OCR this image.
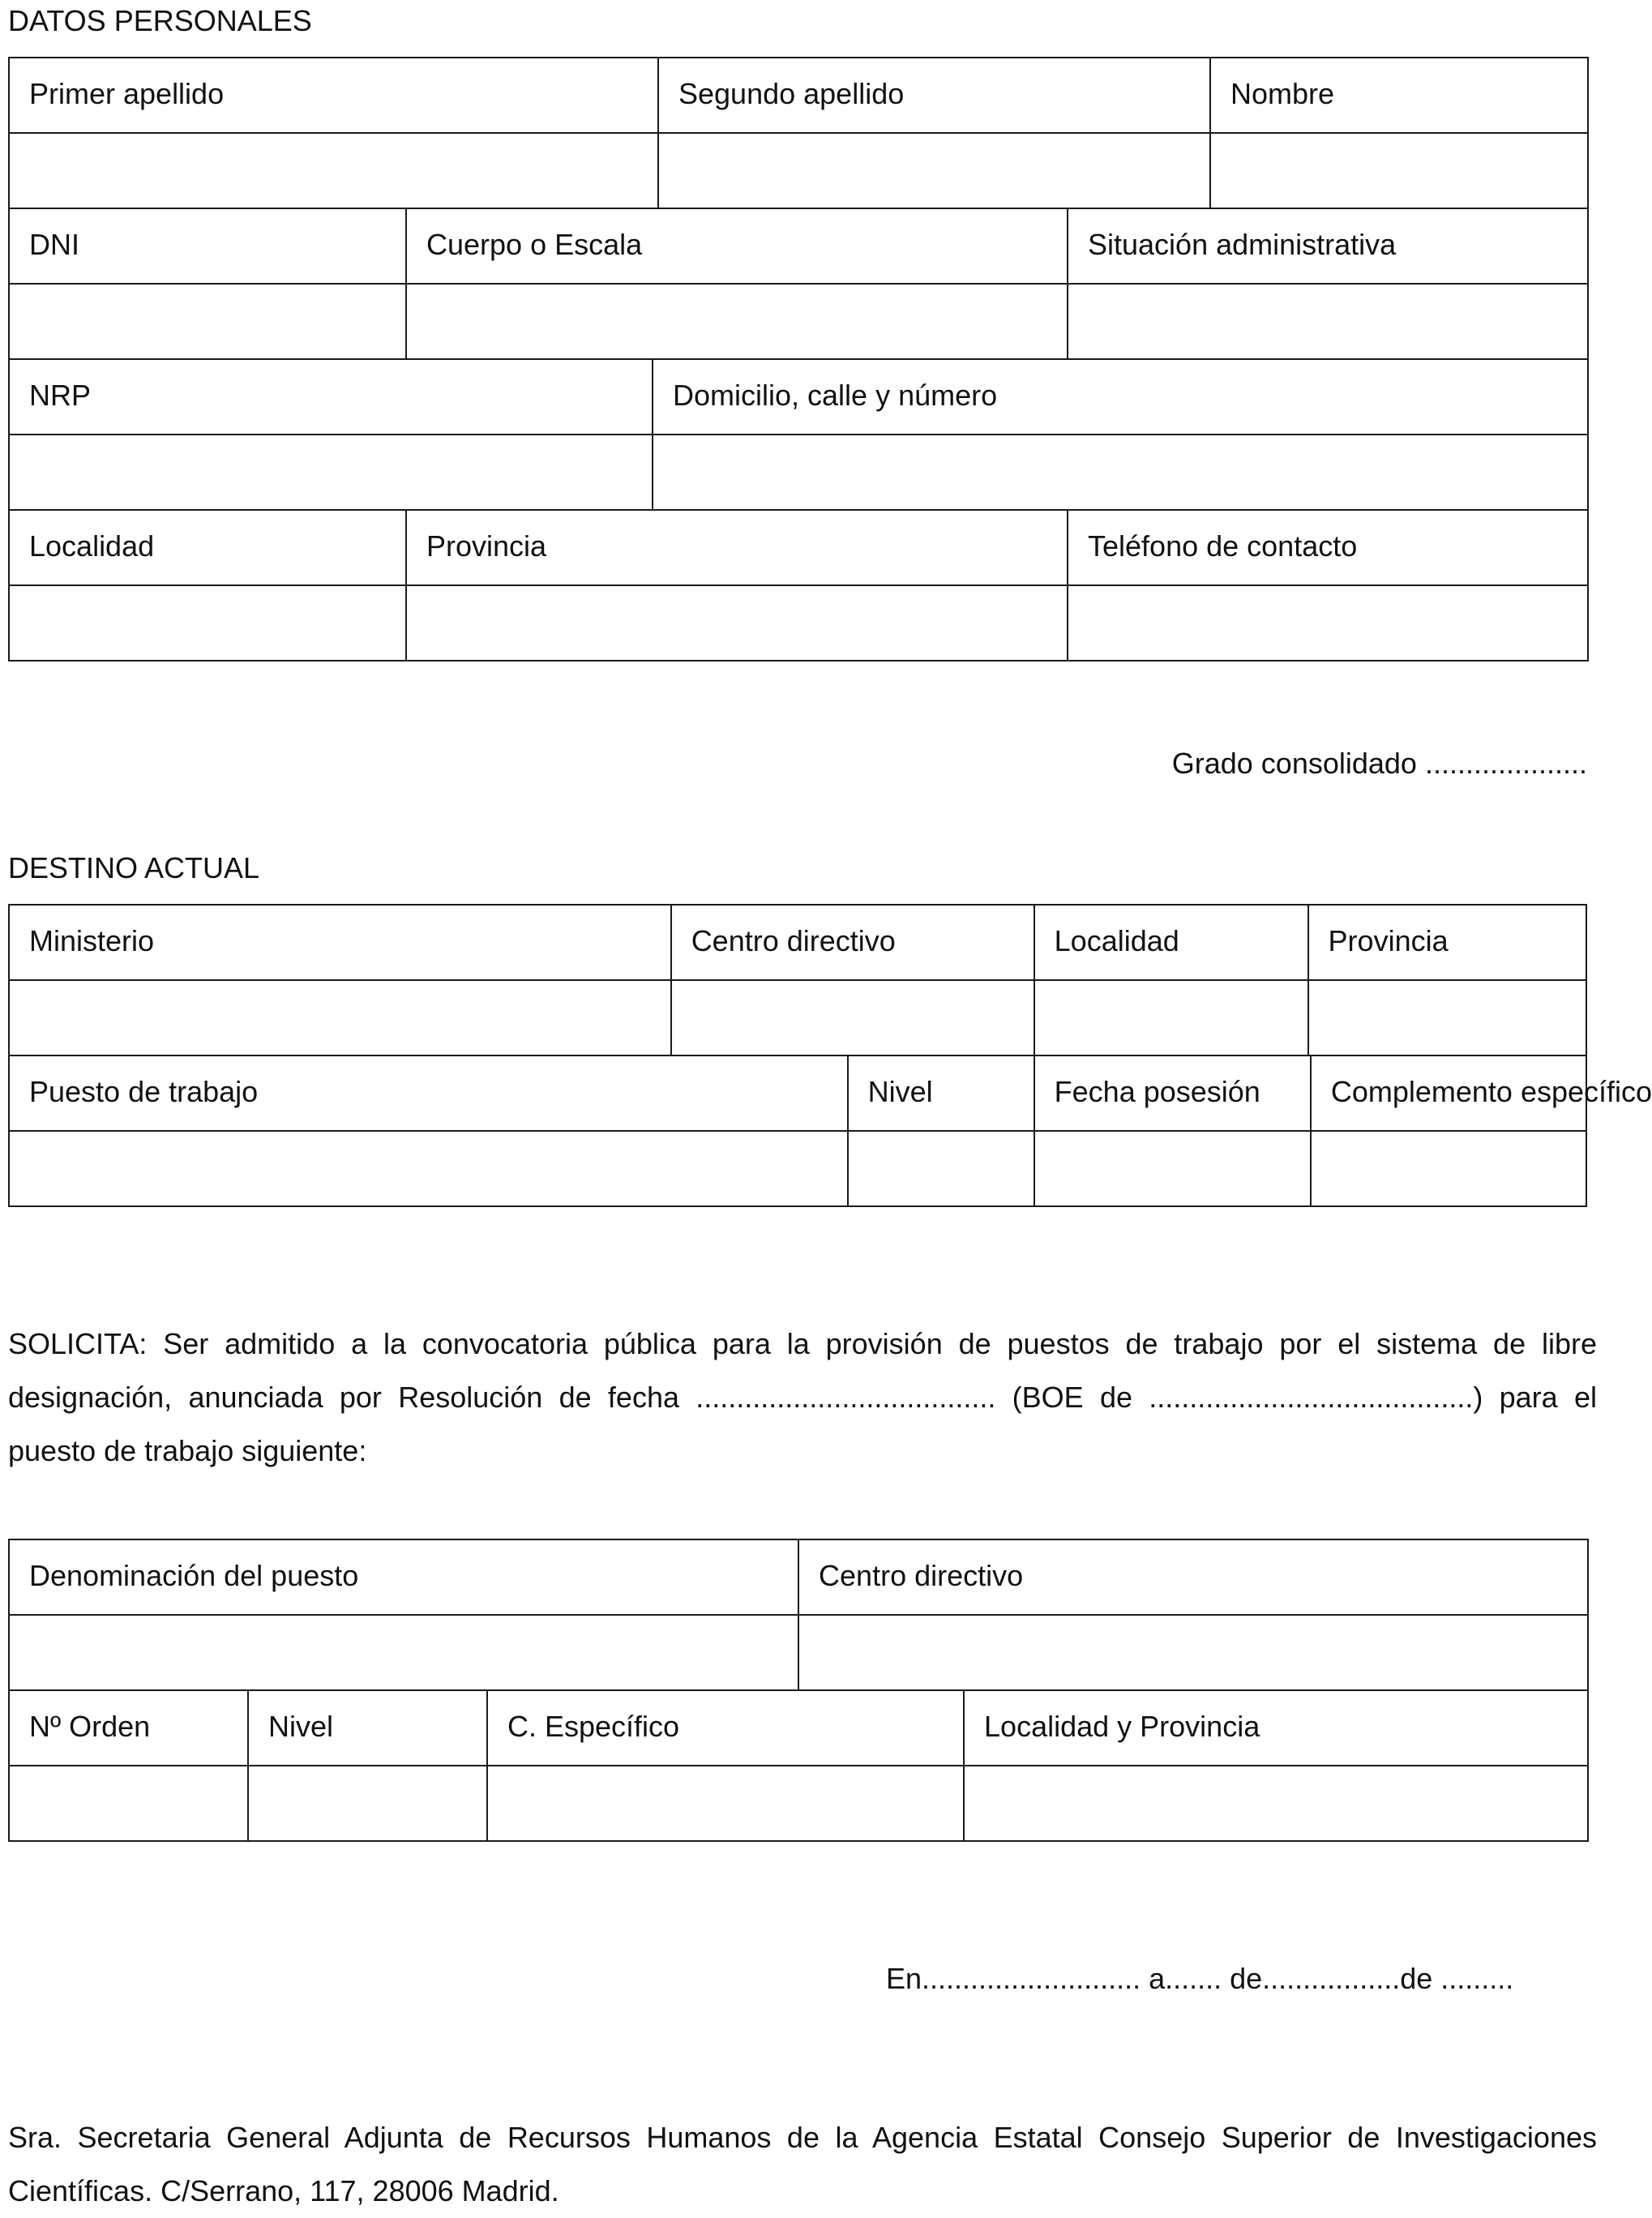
DATOS PERSONALES
Primer apellido			Segundo apellido		Nombre

DNI	Cuerpo o Escala			Situación administrativa	

NRP		Domicilio, calle y número			

Localidad	Provincia			Teléfono de contacto	

Grado consolidado ....................
DESTINO ACTUAL
Ministerio	Centro directivo		Localidad	Provincia	

Puesto de trabajo		Nivel	Fecha posesión		Complemento específico

SOLICITA: Ser admitido a la convocatoria pública para la provisión de puestos de trabajo por el sistema de libre designación, anunciada por Resolución de fecha ..................................... (BOE de ........................................) para el puesto de trabajo siguiente:
Denominación del puesto			Centro directivo	

Nº Orden	Nivel	C. Específico		Localidad y Provincia

En........................... a....... de.................de .........
Sra. Secretaria General Adjunta de Recursos Humanos de la Agencia Estatal Consejo Superior de Investigaciones Científicas. C/Serrano, 117, 28006 Madrid.
